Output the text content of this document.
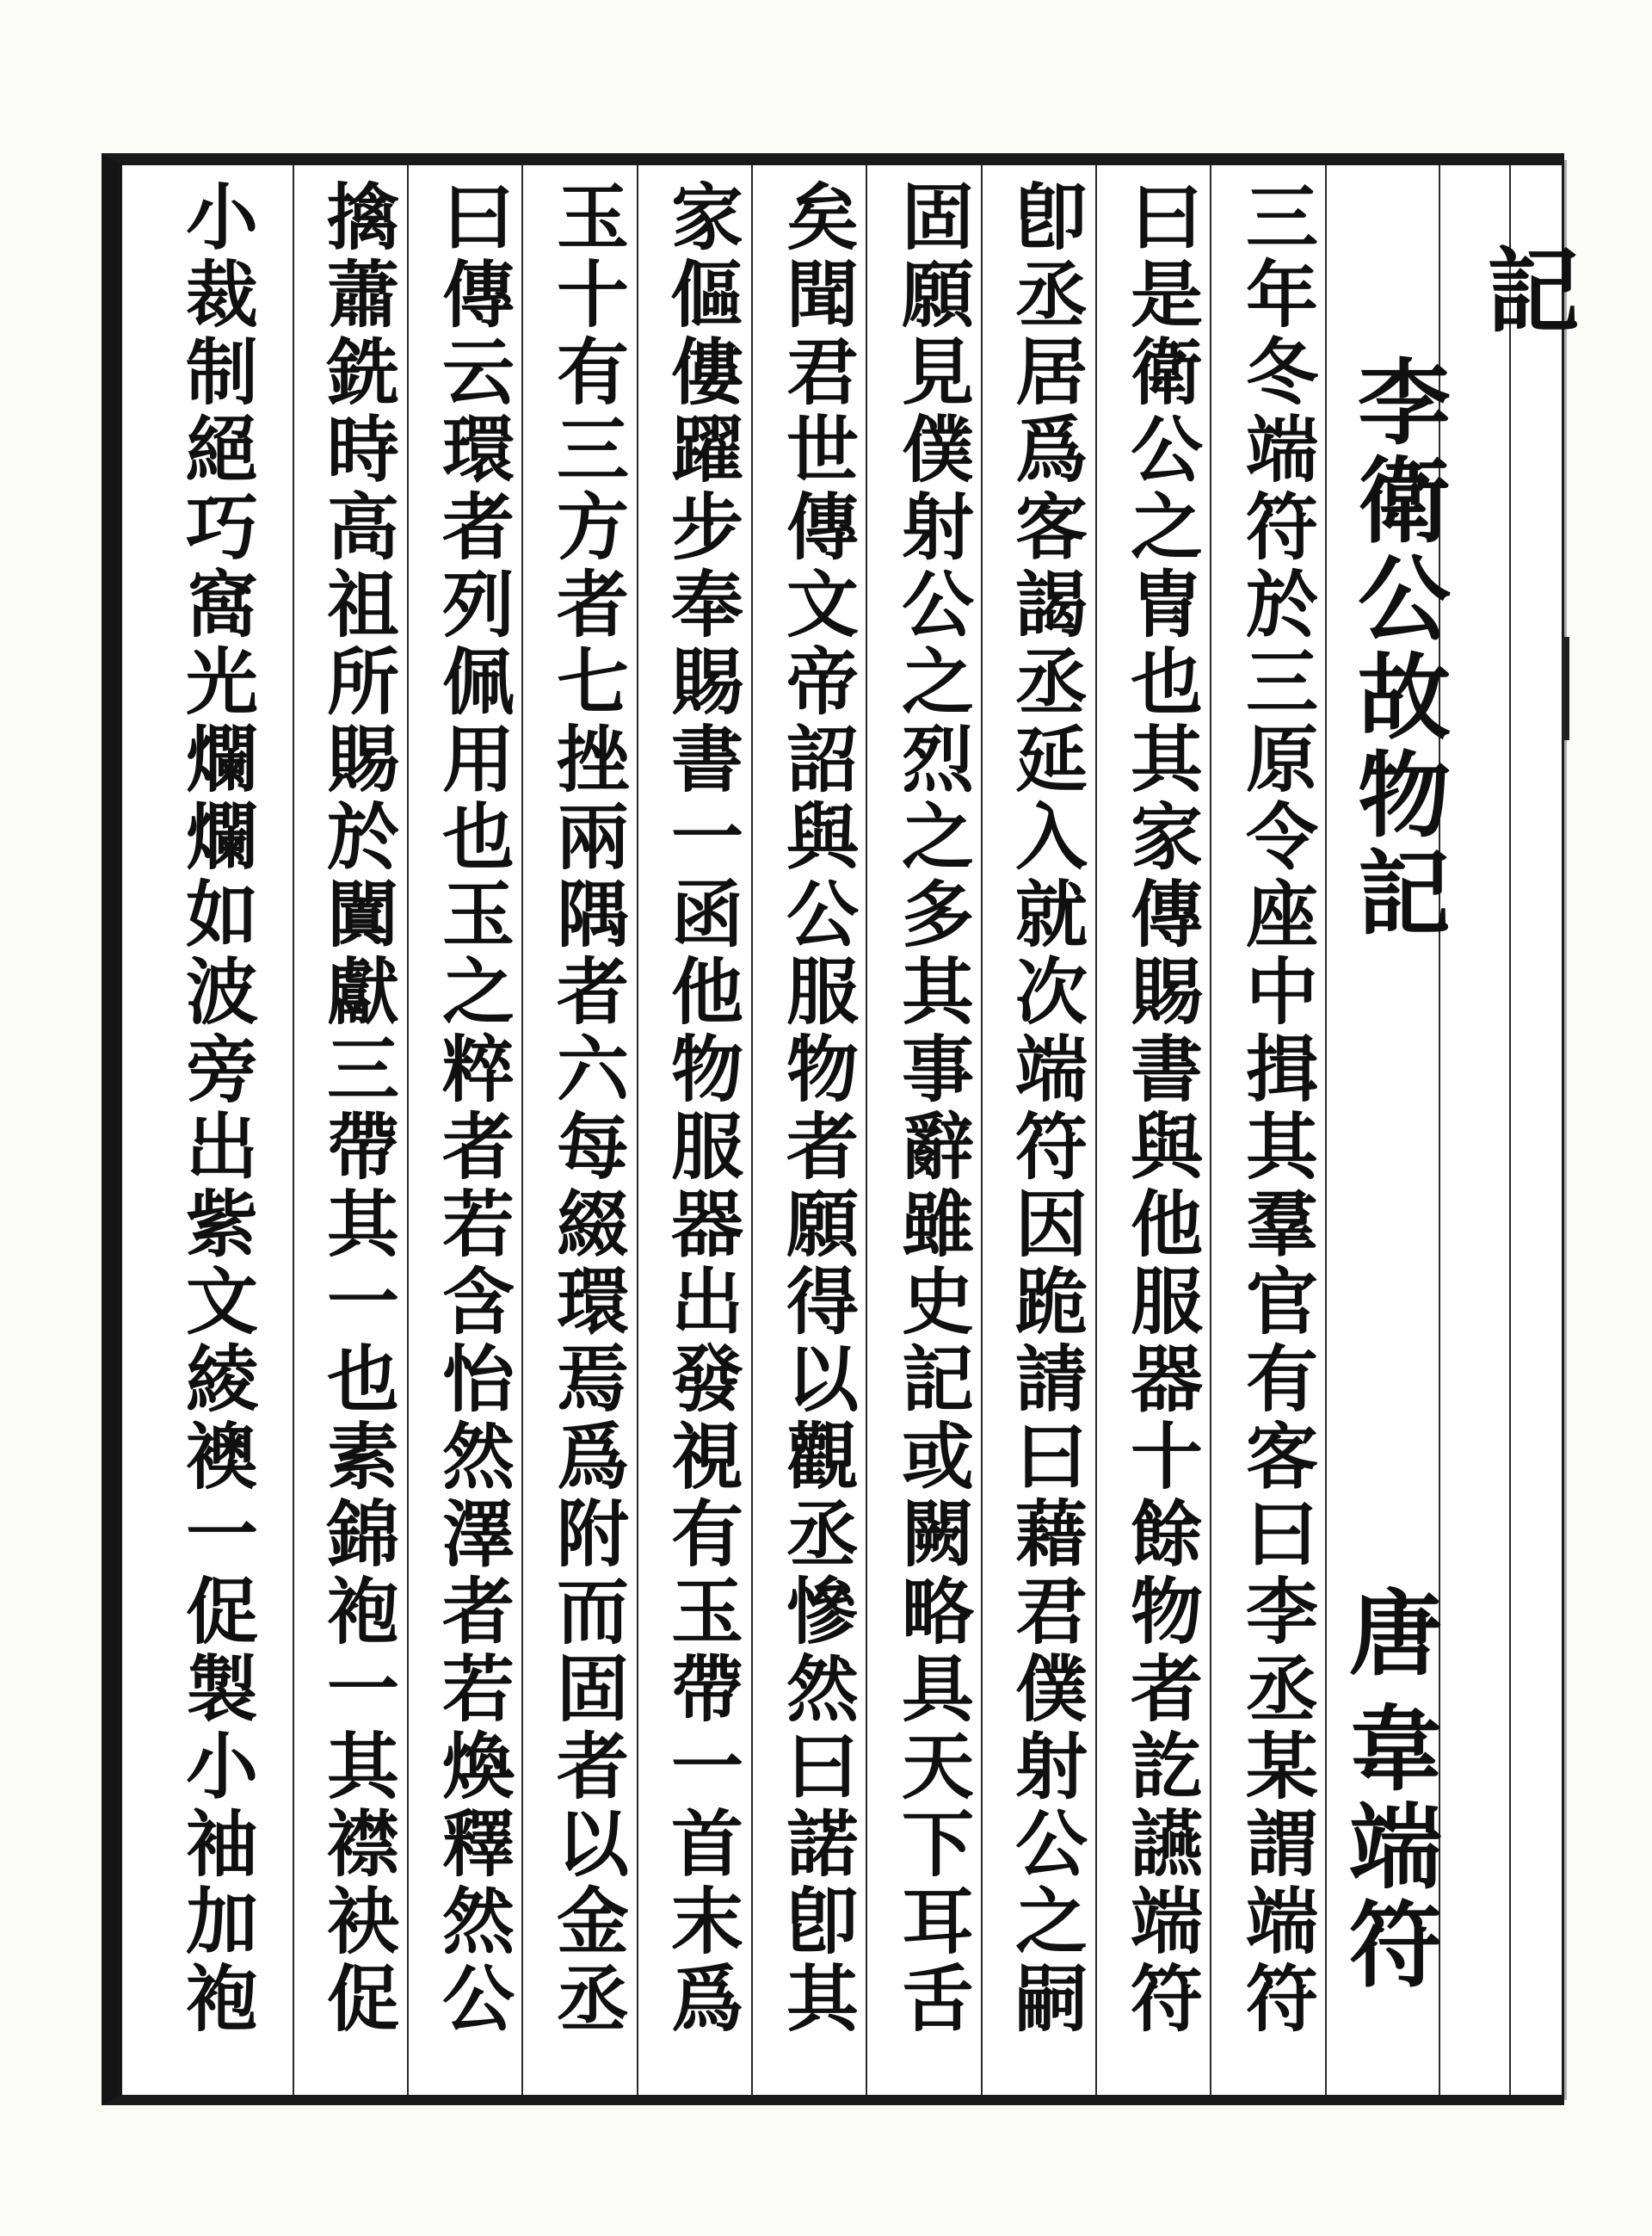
記
李
衛
公
故
物
記
唐
韋
端
符
三
年
冬
端
符
於
三
原
令
座
中
揖
其
羣
官
有
客
曰
李
丞
某
謂
端
符
曰
是
衛
公
之
冑
也
其
家
傳
賜
書
與
他
服
器
十
餘
物
者
訖
讌
端
符
卽
丞
居
爲
客
謁
丞
延
入
就
次
端
符
因
跪
請
曰
藉
君
僕
射
公
之
嗣
固
願
見
僕
射
公
之
烈
之
多
其
事
辭
雖
史
記
或
闕
略
具
天
下
耳
舌
矣
聞
君
世
傳
文
帝
詔
與
公
服
物
者
願
得
以
觀
丞
慘
然
曰
諾
卽
其
家
傴
僂
躍
步
奉
賜
書
一
函
他
物
服
器
出
發
視
有
玉
帶
一
首
末
爲
玉
十
有
三
方
者
七
挫
兩
隅
者
六
每
綴
環
焉
爲
附
而
固
者
以
金
丞
曰
傳
云
環
者
列
佩
用
也
玉
之
粹
者
若
含
怡
然
澤
者
若
煥
釋
然
公
擒
蕭
銑
時
高
祖
所
賜
於
闐
獻
三
帶
其
一
也
素
錦
袍
一
其
襟
袂
促
小
裁
制
絕
巧
窩
光
爛
爛
如
波
旁
出
紫
文
綾
襖
一
促
製
小
袖
加
袍
